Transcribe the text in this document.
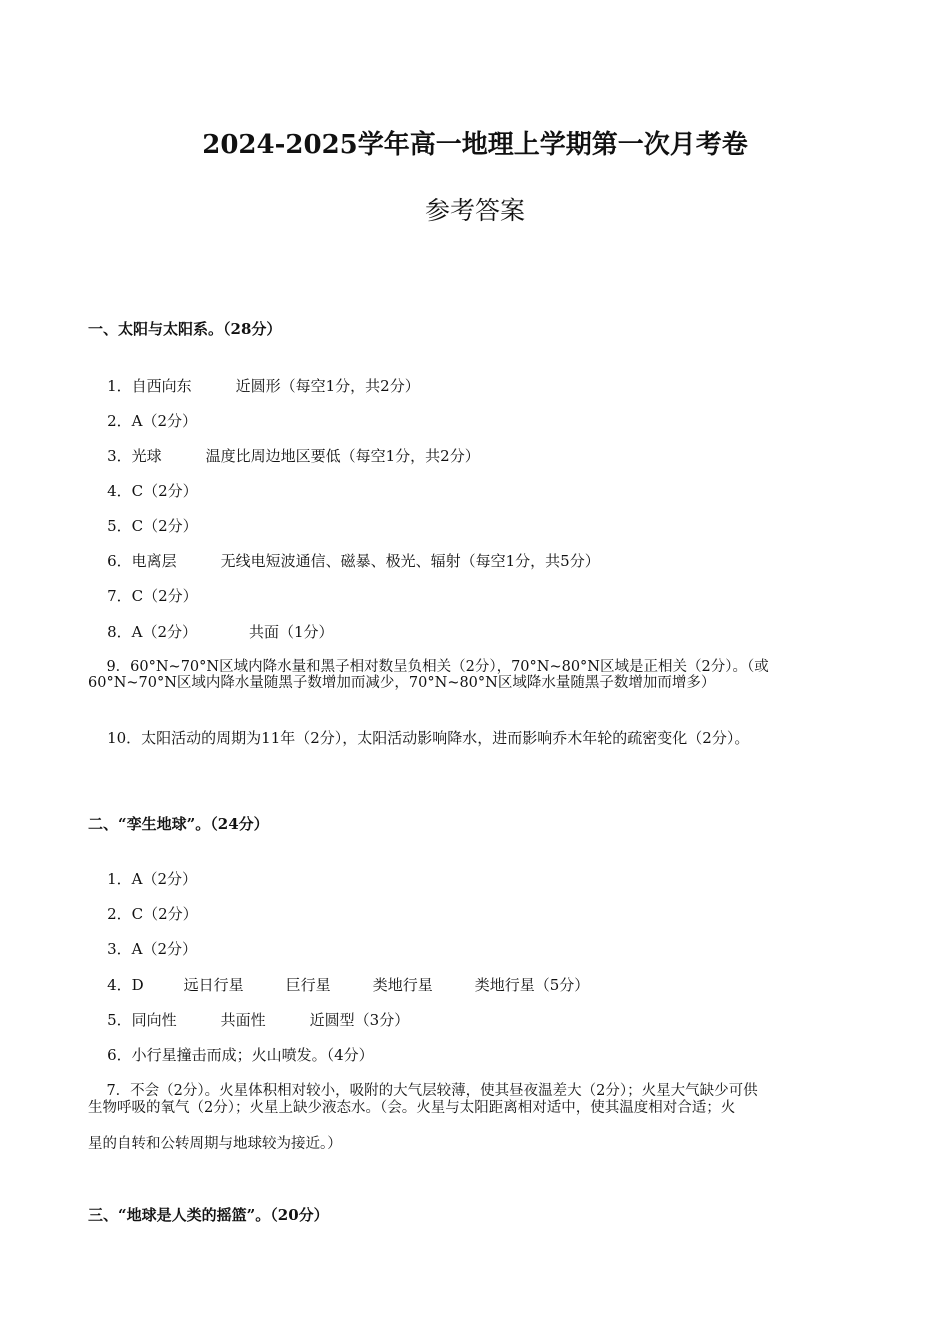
2024-2025学年高一地理上学期第一次月考卷
参考答案
一、太阳与太阳系。（28分）

1．自西向东	近圆形（每空1分，共2分）

2．A（2分）

3．光球	温度比周边地区要低（每空1分，共2分）

4．C（2分）

5．C（2分）

6．电离层	无线电短波通信、磁暴、极光、辐射（每空1分，共5分）

7．C（2分）

8．A（2分）	共面（1分）

9．60°N~70°N区域内降水量和黑子相对数呈负相关（2分），70°N~80°N区域是正相关（2分）。（或

60°N~70°N区域内降水量随黑子数增加而减少，70°N~80°N区域降水量随黑子数增加而增多）

10．太阳活动的周期为11年（2分），太阳活动影响降水，进而影响乔木年轮的疏密变化（2分）。

二、“孪生地球”。（24分）

1．A（2分）

2．C（2分）

3．A（2分）

4．D	远日行星	巨行星	类地行星	类地行星（5分）

5．同向性	共面性	近圆型（3分）

6．小行星撞击而成；火山喷发。（4分）

7．不会（2分）。火星体积相对较小，吸附的大气层较薄，使其昼夜温差大（2分）；火星大气缺少可供

生物呼吸的氧气（2分）；火星上缺少液态水。（会。火星与太阳距离相对适中，使其温度相对合适；火
星的自转和公转周期与地球较为接近。）
三、“地球是人类的摇篮”。（20分）
